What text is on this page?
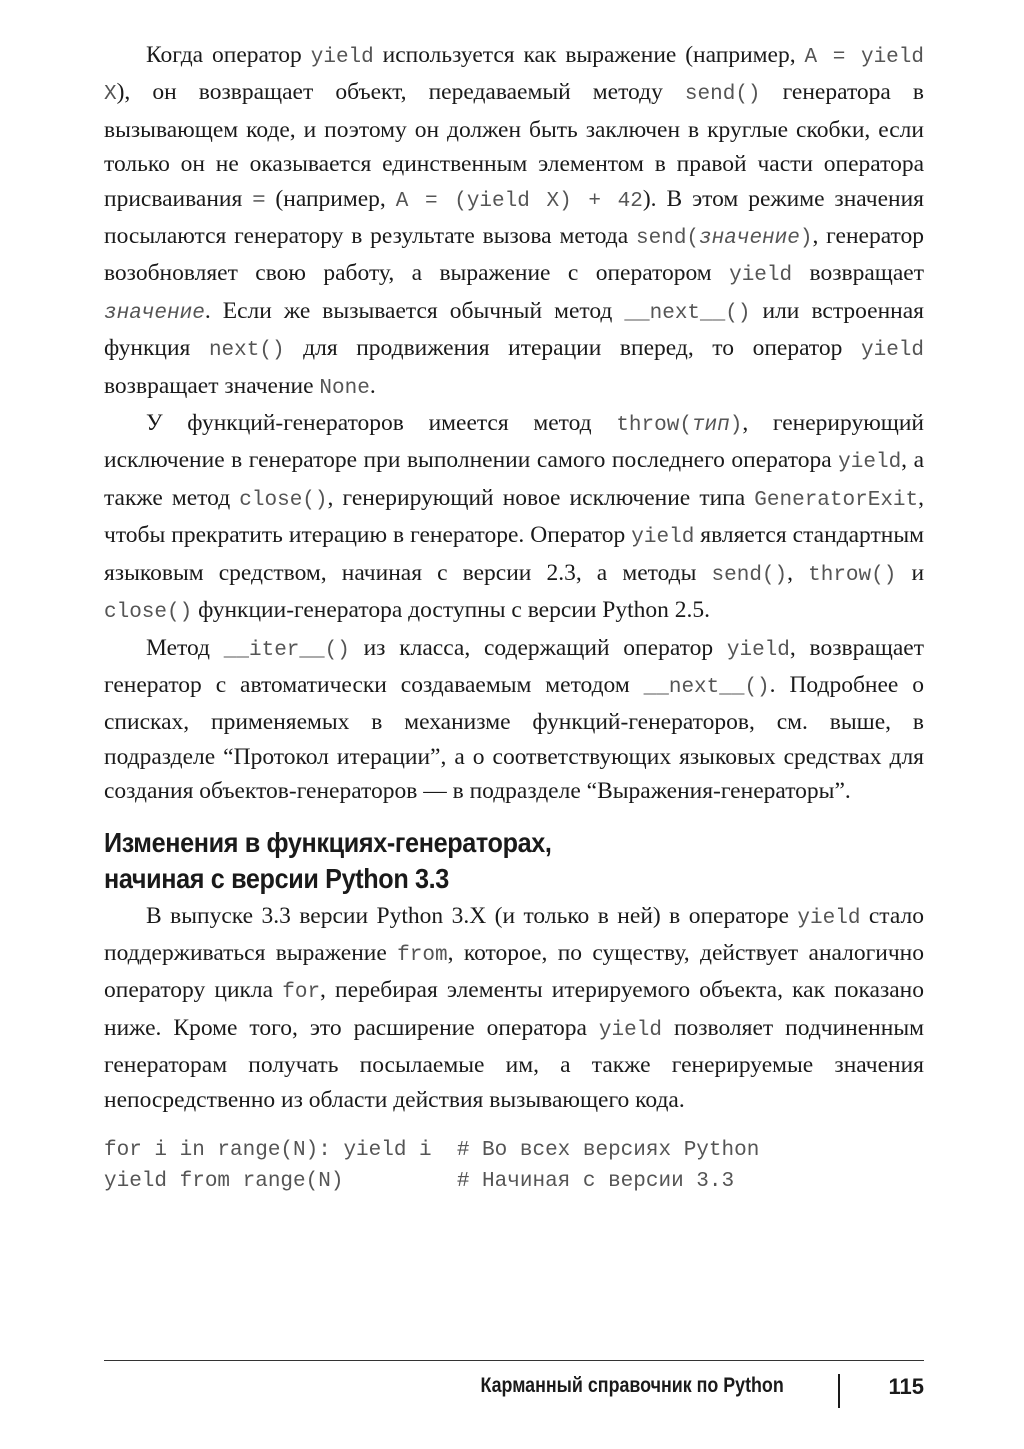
Когда оператор yield используется как выражение (например, A = yield X), он возвращает объект, передаваемый методу send() генератора в вызывающем коде, и поэтому он должен быть заключен в круглые скобки, если только он не оказывается единственным элементом в правой части оператора присваивания = (например, A = (yield X) + 42). В этом режиме значения посылаются генератору в результате вызова метода send(значение), генератор возобновляет свою работу, а выражение с оператором yield возвращает значение. Если же вызывается обычный метод __next__() или встроенная функция next() для продвижения итерации вперед, то оператор yield возвращает значение None.

У функций-генераторов имеется метод throw(тип), генерирующий исключение в генераторе при выполнении самого последнего оператора yield, а также метод close(), генерирующий новое исключение типа GeneratorExit, чтобы прекратить итерацию в генераторе. Оператор yield является стандартным языковым средством, начиная с версии 2.3, а методы send(), throw() и close() функции-генератора доступны с версии Python 2.5.

Метод __iter__() из класса, содержащий оператор yield, возвращает генератор с автоматически создаваемым методом __next__(). Подробнее о списках, применяемых в механизме функций-генераторов, см. выше, в подразделе “Протокол итерации”, а о соответствующих языковых средствах для создания объектов-генераторов — в подразделе “Выражения-генераторы”.

Изменения в функциях-генераторах,
начиная с версии Python 3.3

В выпуске 3.3 версии Python 3.X (и только в ней) в операторе yield стало поддерживаться выражение from, которое, по существу, действует аналогично оператору цикла for, перебирая элементы итерируемого объекта, как показано ниже. Кроме того, это расширение оператора yield позволяет подчиненным генераторам получать посылаемые им, а также генерируемые значения непосредственно из области действия вызывающего кода.

for i in range(N): yield i  # Во всех версиях Python
yield from range(N)         # Начиная с версии 3.3
Карманный справочник по Python	115
